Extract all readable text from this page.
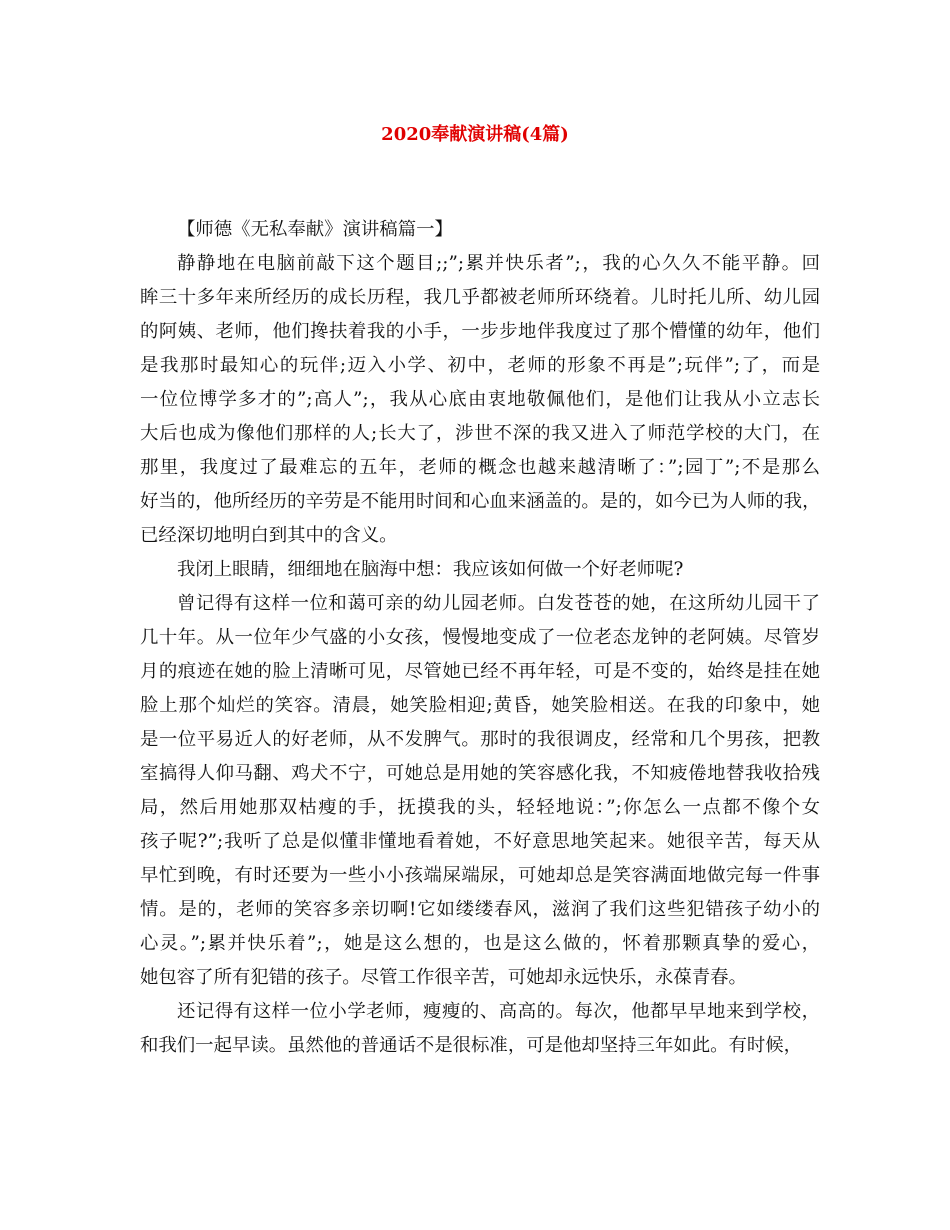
2020奉献演讲稿(4篇)

【师德《无私奉献》演讲稿篇一】

静静地在电脑前敲下这个题目;;”;累并快乐者”;，我的心久久不能平静。回
眸三十多年来所经历的成长历程，我几乎都被老师所环绕着。儿时托儿所、幼儿园
的阿姨、老师，他们搀扶着我的小手，一步步地伴我度过了那个懵懂的幼年，他们
是我那时最知心的玩伴;迈入小学、初中，老师的形象不再是”;玩伴”;了，而是
一位位博学多才的”;高人”;，我从心底由衷地敬佩他们，是他们让我从小立志长
大后也成为像他们那样的人;长大了，涉世不深的我又进入了师范学校的大门，在
那里，我度过了最难忘的五年，老师的概念也越来越清晰了：”;园丁”;不是那么
好当的，他所经历的辛劳是不能用时间和心血来涵盖的。是的，如今已为人师的我，
已经深切地明白到其中的含义。
我闭上眼睛，细细地在脑海中想：我应该如何做一个好老师呢?
曾记得有这样一位和蔼可亲的幼儿园老师。白发苍苍的她，在这所幼儿园干了
几十年。从一位年少气盛的小女孩，慢慢地变成了一位老态龙钟的老阿姨。尽管岁
月的痕迹在她的脸上清晰可见，尽管她已经不再年轻，可是不变的，始终是挂在她
脸上那个灿烂的笑容。清晨，她笑脸相迎;黄昏，她笑脸相送。在我的印象中，她
是一位平易近人的好老师，从不发脾气。那时的我很调皮，经常和几个男孩，把教
室搞得人仰马翻、鸡犬不宁，可她总是用她的笑容感化我，不知疲倦地替我收拾残
局，然后用她那双枯瘦的手，抚摸我的头，轻轻地说：”;你怎么一点都不像个女
孩子呢?”;我听了总是似懂非懂地看着她，不好意思地笑起来。她很辛苦，每天从
早忙到晚，有时还要为一些小小孩端屎端尿，可她却总是笑容满面地做完每一件事
情。是的，老师的笑容多亲切啊!它如缕缕春风，滋润了我们这些犯错孩子幼小的
心灵。”;累并快乐着”;，她是这么想的，也是这么做的，怀着那颗真挚的爱心，
她包容了所有犯错的孩子。尽管工作很辛苦，可她却永远快乐，永葆青春。
还记得有这样一位小学老师，瘦瘦的、高高的。每次，他都早早地来到学校，
和我们一起早读。虽然他的普通话不是很标准，可是他却坚持三年如此。有时候，
